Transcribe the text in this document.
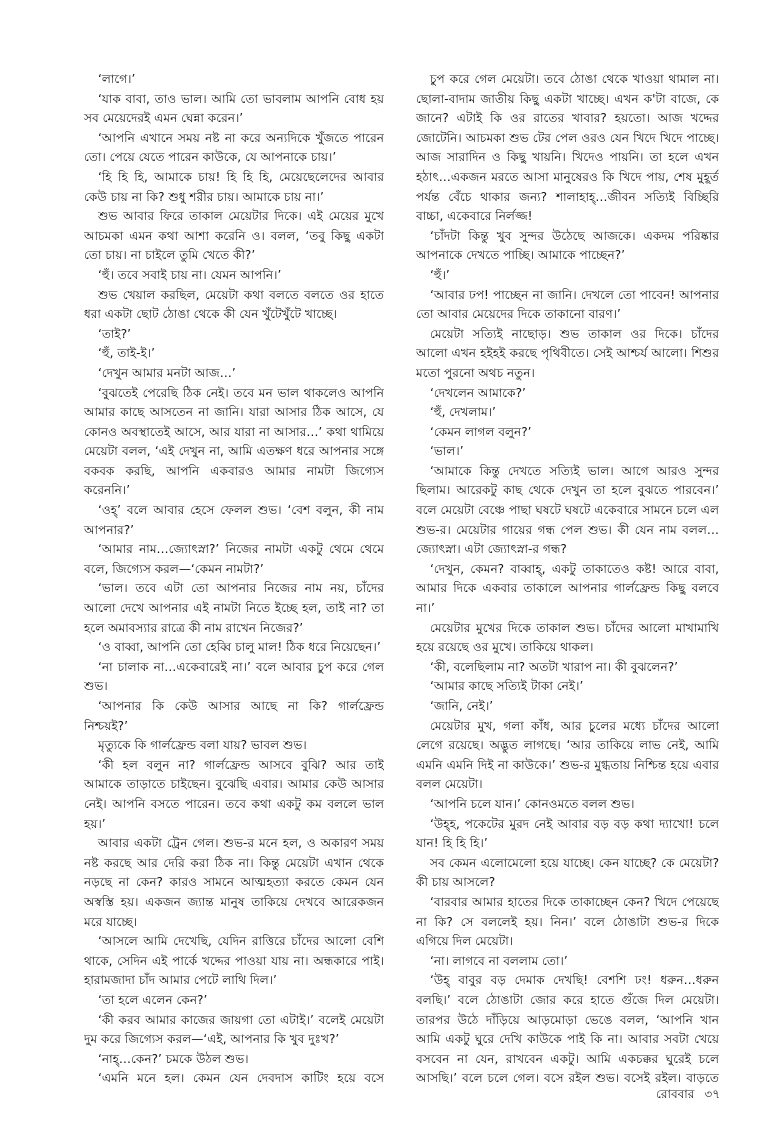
‘লাগে।’

‘যাক বাবা, তাও ভাল। আমি তো ভাবলাম আপনি বোধ হয় সব মেয়েদেরই এমন ঘেন্না করেন।’

‘আপনি এখানে সময় নষ্ট না করে অন্যদিকে খুঁজতে পারেন তো। পেয়ে যেতে পারেন কাউকে, যে আপনাকে চায়।’

‘হি হি হি, আমাকে চায়! হি হি হি, মেয়েছেলেদের আবার কেউ চায় না কি? শুধু শরীর চায়। আমাকে চায় না।’

শুভ আবার ফিরে তাকাল মেয়েটার দিকে। এই মেয়ের মুখে আচমকা এমন কথা আশা করেনি ও। বলল, ‘তবু কিছু একটা তো চায়। না চাইলে তুমি খেতে কী?’

‘হুঁ। তবে সবাই চায় না। যেমন আপনি।’

শুভ খেয়াল করছিল, মেয়েটা কথা বলতে বলতে ওর হাতে ধরা একটা ছোট ঠোঙা থেকে কী যেন খুঁটেখুঁটে খাচ্ছে।

‘তাই?’

‘হুঁ, তাই-ই।’

‘দেখুন আমার মনটা আজ…’

‘বুঝতেই পেরেছি ঠিক নেই। তবে মন ভাল থাকলেও আপনি আমার কাছে আসতেন না জানি। যারা আসার ঠিক আসে, যে কোনও অবস্থাতেই আসে, আর যারা না আসার…’ কথা থামিয়ে মেয়েটা বলল, ‘এই দেখুন না, আমি এতক্ষণ ধরে আপনার সঙ্গে বকবক করছি, আপনি একবারও আমার নামটা জিগ্যেস করেননি।’

‘ওহ্’ বলে আবার হেসে ফেলল শুভ। ‘বেশ বলুন, কী নাম আপনার?’

‘আমার নাম…জ্যোৎস্না?’ নিজের নামটা একটু থেমে থেমে বলে, জিগ্যেস করল—‘কেমন নামটা?’

‘ভাল। তবে এটা তো আপনার নিজের নাম নয়, চাঁদের আলো দেখে আপনার এই নামটা নিতে ইচ্ছে হল, তাই না? তা হলে অমাবস্যার রাত্রে কী নাম রাখেন নিজের?’

‘ও বাব্বা, আপনি তো হেব্বি চালু মাল! ঠিক ধরে নিয়েছেন।’

‘না চালাক না…একেবারেই না।’ বলে আবার চুপ করে গেল শুভ।

‘আপনার কি কেউ আসার আছে না কি? গার্লফ্রেন্ড নিশ্চয়ই?’

মৃত্যুকে কি গার্লফ্রেন্ড বলা যায়? ভাবল শুভ।

‘কী হল বলুন না? গার্লফ্রেন্ড আসবে বুঝি? আর তাই আমাকে তাড়াতে চাইছেন। বুঝেছি এবার। আমার কেউ আসার নেই। আপনি বসতে পারেন। তবে কথা একটু কম বললে ভাল হয়।’

আবার একটা ট্রেন গেল। শুভ-র মনে হল, ও অকারণ সময় নষ্ট করছে আর দেরি করা ঠিক না। কিন্তু মেয়েটা এখান থেকে নড়ছে না কেন? কারও সামনে আত্মহত্যা করতে কেমন যেন অস্বস্তি হয়। একজন জ্যান্ত মানুষ তাকিয়ে দেখবে আরেকজন মরে যাচ্ছে।

‘আসলে আমি দেখেছি, যেদিন রাত্তিরে চাঁদের আলো বেশি থাকে, সেদিন এই পার্কে খদ্দের পাওয়া যায় না। অন্ধকারে পাই। হারামজাদা চাঁদ আমার পেটে লাথি দিল।’

‘তা হলে এলেন কেন?’

‘কী করব আমার কাজের জায়গা তো এটাই।’ বলেই মেয়েটা দুম করে জিগ্যেস করল—‘এই, আপনার কি খুব দুঃখ?’

‘নাহ্…কেন?’ চমকে উঠল শুভ।

‘এমনি মনে হল। কেমন যেন দেবদাস কাটিং হয়ে বসে

চুপ করে গেল মেয়েটা। তবে ঠোঙা থেকে খাওয়া থামাল না। ছোলা-বাদাম জাতীয় কিছু একটা খাচ্ছে। এখন ক'টা বাজে, কে জানে? এটাই কি ওর রাতের খাবার? হয়তো। আজ খদ্দের জোটেনি। আচমকা শুভ টের পেল ওরও যেন খিদে খিদে পাচ্ছে। আজ সারাদিন ও কিছু খায়নি। খিদেও পায়নি। তা হলে এখন হঠাৎ…একজন মরতে আসা মানুষেরও কি খিদে পায়, শেষ মুহূর্ত পর্যন্ত বেঁচে থাকার জন্য? শালাহাহ্…জীবন সত্যিই বিচ্ছিরি বাচ্চা, একেবারে নির্লজ্জ!

‘চাঁদটা কিন্তু খুব সুন্দর উঠেছে আজকে। একদম পরিষ্কার আপনাকে দেখতে পাচ্ছি। আমাকে পাচ্ছেন?’

‘হুঁ।’

‘আবার ঢপ! পাচ্ছেন না জানি। দেখলে তো পাবেন! আপনার তো আবার মেয়েদের দিকে তাকানো বারণ।’

মেয়েটা সত্যিই নাছোড়। শুভ তাকাল ওর দিকে। চাঁদের আলো এখন হইহই করছে পৃথিবীতে। সেই আশ্চর্য আলো। শিশুর মতো পুরনো অথচ নতুন।

‘দেখলেন আমাকে?’

‘হুঁ, দেখলাম।’

‘কেমন লাগল বলুন?’

‘ভাল।’

‘আমাকে কিন্তু দেখতে সত্যিই ভাল। আগে আরও সুন্দর ছিলাম। আরেকটু কাছ থেকে দেখুন তা হলে বুঝতে পারবেন।’ বলে মেয়েটা বেঞ্চে পাছা ঘষটে ঘষটে একেবারে সামনে চলে এল শুভ-র। মেয়েটার গায়ের গন্ধ পেল শুভ। কী যেন নাম বলল…জ্যোৎস্না। এটা জ্যোৎস্না-র গন্ধ?

‘দেখুন, কেমন? বাব্বাহ্, একটু তাকাতেও কষ্ট! আরে বাবা, আমার দিকে একবার তাকালে আপনার গার্লফ্রেন্ড কিছু বলবে না।’

মেয়েটার মুখের দিকে তাকাল শুভ। চাঁদের আলো মাখামাখি হয়ে রয়েছে ওর মুখে। তাকিয়ে থাকল।

‘কী, বলেছিলাম না? অতটা খারাপ না। কী বুঝলেন?’

‘আমার কাছে সত্যিই টাকা নেই।’

‘জানি, নেই।’

মেয়েটার মুখ, গলা কাঁধ, আর চুলের মধ্যে চাঁদের আলো লেগে রয়েছে। অদ্ভুত লাগছে। ‘আর তাকিয়ে লাভ নেই, আমি এমনি এমনি দিই না কাউকে।’ শুভ-র মুগ্ধতায় নিশ্চিন্ত হয়ে এবার বলল মেয়েটা।

‘আপনি চলে যান।’ কোনওমতে বলল শুভ।

‘উহ্‌হ, পকেটের মুরদ নেই আবার বড় বড় কথা দ্যাখো! চলে যান! হি হি হি।’

সব কেমন এলোমেলো হয়ে যাচ্ছে। কেন যাচ্ছে? কে মেয়েটা? কী চায় আসলে?

‘বারবার আমার হাতের দিকে তাকাচ্ছেন কেন? খিদে পেয়েছে না কি? সে বললেই হয়। নিন।’ বলে ঠোঙাটা শুভ-র দিকে এগিয়ে দিল মেয়েটা।

‘না। লাগবে না বললাম তো।’

‘উহ্ বাবুর বড় দেমাক দেখছি! বেশশি ঢং! ধরুন…ধরুন বলছি।’ বলে ঠোঙাটা জোর করে হাতে গুঁজে দিল মেয়েটা। তারপর উঠে দাঁড়িয়ে আড়মোড়া ভেঙে বলল, ‘আপনি খান আমি একটু ঘুরে দেখি কাউকে পাই কি না। আবার সবটা খেয়ে বসবেন না যেন, রাখবেন একটু। আমি একচক্কর ঘুরেই চলে আসছি।’ বলে চলে গেল। বসে রইল শুভ। বসেই রইল। বাড়তে

রোববার ৩৭
